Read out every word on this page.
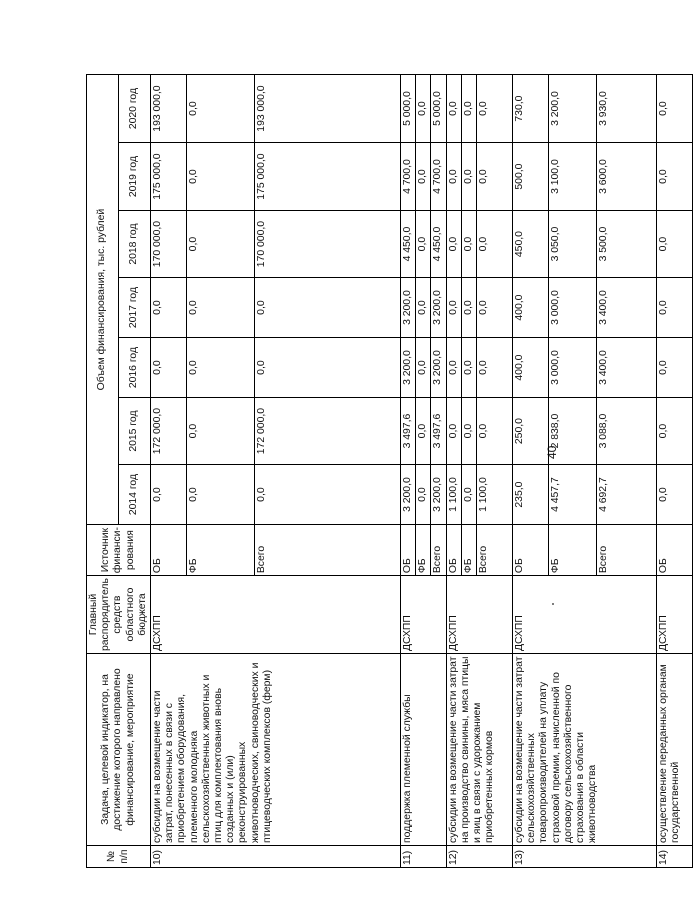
40
№ п/п	Задача, целевой индикатор, на достижение которого направлено финансирование, мероприятие	Главный распорядитель средств областного бюджета	Источник финанси-рования	Объем финансирования, тыс. рублей						
				2014 год	2015 год	2016 год	2017 год	2018 год	2019 год	2020 год
10)	субсидии на возмещение части затрат, понесенных в связи с приобретением оборудования, племенного молодняка сельскохозяйственных животных и птиц для комплектования вновь созданных и (или) реконструированных животноводческих, свиноводческих и птицеводческих комплексов (ферм)	ДСХПП	ОБ	0,0	172 000,0	0,0	0,0	170 000,0	175 000,0	193 000,0
			ФБ	0,0	0,0	0,0	0,0	0,0	0,0	0,0
			Всего	0,0	172 000,0	0,0	0,0	170 000,0	175 000,0	193 000,0
11)	поддержка племенной службы	ДСХПП	ОБ	3 200,0	3 497,6	3 200,0	3 200,0	4 450,0	4 700,0	5 000,0
			ФБ	0,0	0,0	0,0	0,0	0,0	0,0	0,0
			Всего	3 200,0	3 497,6	3 200,0	3 200,0	4 450,0	4 700,0	5 000,0
12)	субсидии на возмещение части затрат на производство свинины, мяса птицы и яиц в связи с удорожанием приобретенных кормов	ДСХПП	ОБ	1 100,0	0,0	0,0	0,0	0,0	0,0	0,0
			ФБ	0,0	0,0	0,0	0,0	0,0	0,0	0,0
			Всего	1 100,0	0,0	0,0	0,0	0,0	0,0	0,0
13)	субсидии на возмещение части затрат сельскохозяйственных товаропроизводителей на уплату страховой премии, начисленной по договору сельскохозяйственного страхования в области животноводства	ДСХПП	ОБ	235,0	250,0	400,0	400,0	450,0	500,0	730,0
			ФБ	4 457,7	2 838,0	3 000,0	3 000,0	3 050,0	3 100,0	3 200,0
			Всего	4 692,7	3 088,0	3 400,0	3 400,0	3 500,0	3 600,0	3 930,0
14)	осуществление переданных органам государственной	ДСХПП	ОБ	0,0	0,0	0,0	0,0	0,0	0,0	0,0
